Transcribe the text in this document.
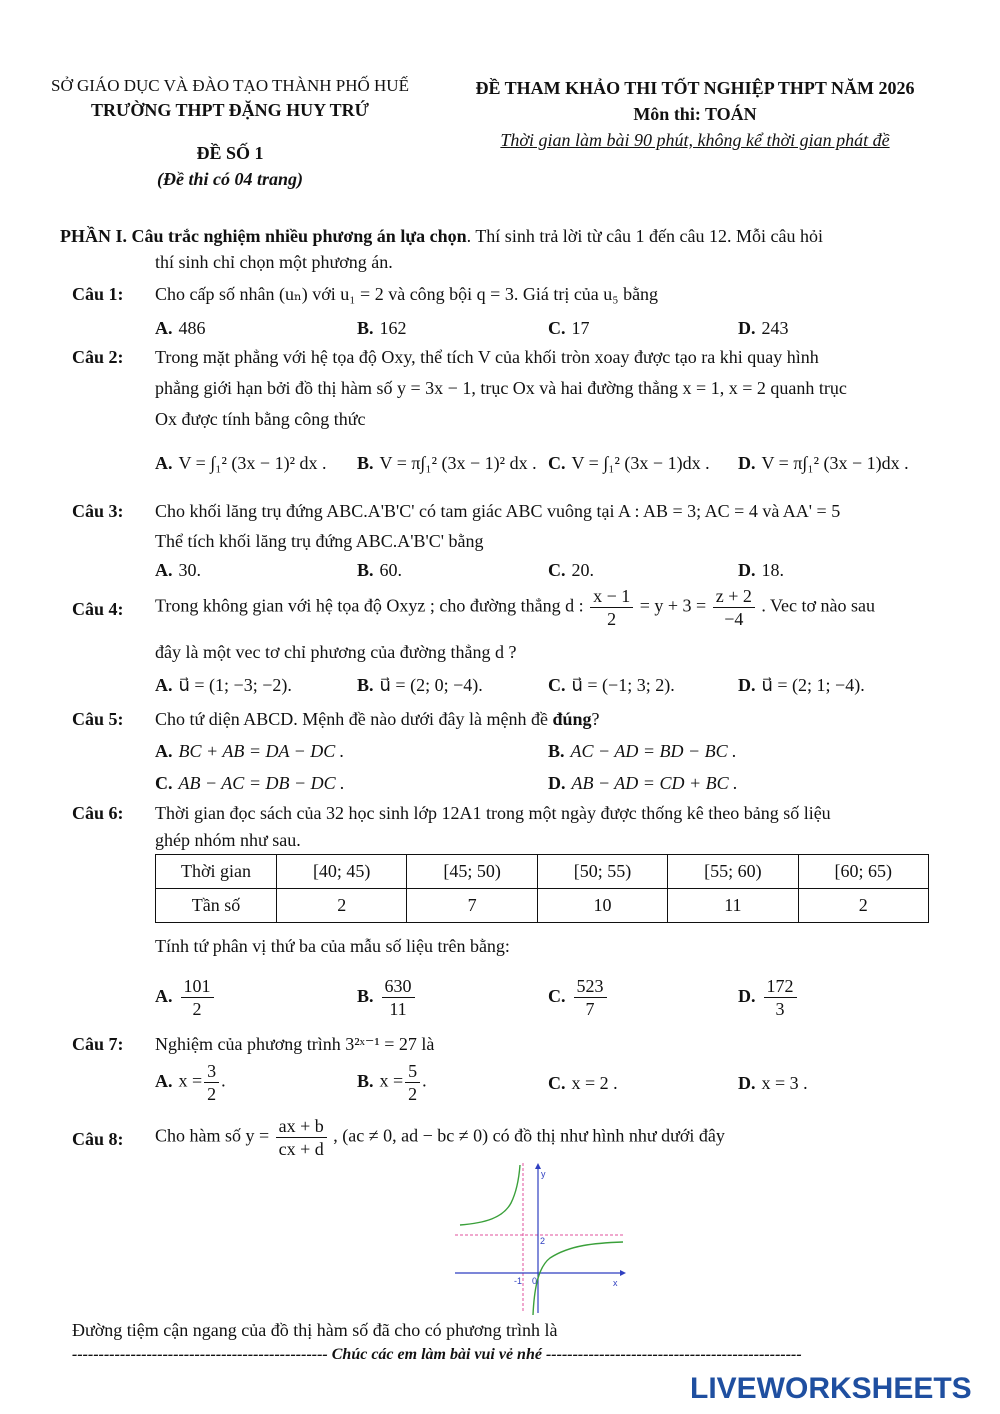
SỞ GIÁO DỤC VÀ ĐÀO TẠO THÀNH PHỐ HUẾ
TRƯỜNG THPT ĐẶNG HUY TRỨ
ĐỀ SỐ 1
(Đề thi có 04 trang)
ĐỀ THAM KHẢO THI TỐT NGHIỆP THPT NĂM 2026
Môn thi: TOÁN
Thời gian làm bài 90 phút, không kể thời gian phát đề
PHẦN I. Câu trắc nghiệm nhiều phương án lựa chọn. Thí sinh trả lời từ câu 1 đến câu 12. Mỗi câu hỏi
thí sinh chỉ chọn một phương án.
Câu 1: Cho cấp số nhân (uₙ) với u₁ = 2 và công bội q = 3. Giá trị của u₅ bằng
A. 486	B. 162	C. 17	D. 243
Câu 2: Trong mặt phẳng với hệ tọa độ Oxy, thể tích V của khối tròn xoay được tạo ra khi quay hình
phẳng giới hạn bởi đồ thị hàm số y = 3x − 1, trục Ox và hai đường thẳng x = 1, x = 2 quanh trục
Ox được tính bằng công thức
A. V = ∫₁² (3x − 1)² dx . B. V = π∫₁² (3x − 1)² dx . C. V = ∫₁² (3x − 1)dx . D. V = π∫₁² (3x − 1)dx .
Câu 3: Cho khối lăng trụ đứng ABC.A'B'C' có tam giác ABC vuông tại A : AB = 3; AC = 4 và AA' = 5
Thể tích khối lăng trụ đứng ABC.A'B'C' bằng
A. 30.	B. 60.	C. 20.	D. 18.
Câu 4: Trong không gian với hệ tọa độ Oxyz ; cho đường thẳng d : $\frac{x - 1}{2} = y + 3 = \frac{z + 2}{-4}$ . Vec tơ nào sau
đây là một vec tơ chỉ phương của đường thẳng d ?
A. u⃗ = (1; −3; −2).	B. u⃗ = (2; 0; −4).	C. u⃗ = (−1; 3; 2).	D. u⃗ = (2; 1; −4).
Câu 5: Cho tứ diện ABCD. Mệnh đề nào dưới đây là mệnh đề đúng?
A. BC + AB = DA − DC .	B. AC − AD = BD − BC .
C. AB − AC = DB − DC .	D. AB − AD = CD + BC .
Câu 6: Thời gian đọc sách của 32 học sinh lớp 12A1 trong một ngày được thống kê theo bảng số liệu
ghép nhóm như sau.
Thời gian	[40; 45)	[45; 50)	[50; 55)	[55; 60)	[60; 65)
Tần số	2	7	10	11	2
Tính tứ phân vị thứ ba của mẫu số liệu trên bằng:
A. $\frac{101}{2}$	B. $\frac{630}{11}$	C. $\frac{523}{7}$	D. $\frac{172}{3}$
Câu 7: Nghiệm của phương trình 3²ˣ⁻¹ = 27 là
A. $x = \frac{3}{2}$ .	B. $x = \frac{5}{2}$ .	C. x = 2 .	D. x = 3 .
Câu 8: Cho hàm số $y = \frac{ax + b}{cx + d}$ , (ac ≠ 0, ad − bc ≠ 0) có đồ thị như hình như dưới đây
y
x
2
-1 0
Đường tiệm cận ngang của đồ thị hàm số đã cho có phương trình là
------------------------------------------------ Chúc các em làm bài vui vẻ nhé ------------------------------------------------
LIVEWORKSHEETS
